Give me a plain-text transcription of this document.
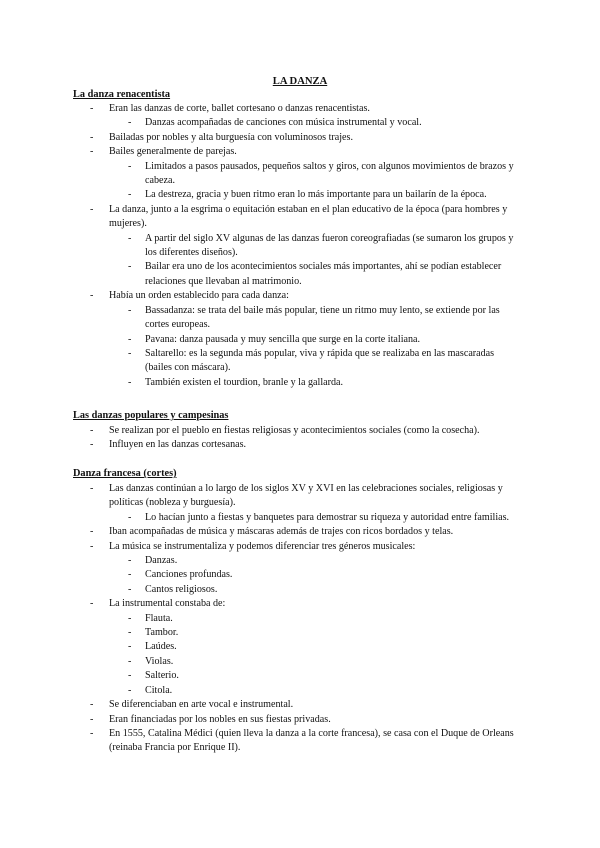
LA DANZA
La danza renacentista
- Eran las danzas de corte, ballet cortesano o danzas renacentistas.
- Danzas acompañadas de canciones con música instrumental y vocal.
- Bailadas por nobles y alta burguesía con voluminosos trajes.
- Bailes generalmente de parejas.
- Limitados a pasos pausados, pequeños saltos y giros, con algunos movimientos de brazos y cabeza.
- La destreza, gracia y buen ritmo eran lo más importante para un bailarín de la época.
- La danza, junto a la esgrima o equitación estaban en el plan educativo de la época (para hombres y mujeres).
- A partir del siglo XV algunas de las danzas fueron coreografiadas (se sumaron los grupos y los diferentes diseños).
- Bailar era uno de los acontecimientos sociales más importantes, ahí se podían establecer relaciones que llevaban al matrimonio.
- Había un orden establecido para cada danza:
- Bassadanza: se trata del baile más popular, tiene un ritmo muy lento, se extiende por las cortes europeas.
- Pavana: danza pausada y muy sencilla que surge en la corte italiana.
- Saltarello: es la segunda más popular, viva y rápida que se realizaba en las mascaradas (bailes con máscara).
- También existen el tourdion, branle y la gallarda.
Las danzas populares y campesinas
- Se realizan por el pueblo en fiestas religiosas y acontecimientos sociales (como la cosecha).
- Influyen en las danzas cortesanas.
Danza francesa (cortes)
- Las danzas continúan a lo largo de los siglos XV y XVI en las celebraciones sociales, religiosas y políticas (nobleza y burguesía).
- Lo hacían junto a fiestas y banquetes para demostrar su riqueza y autoridad entre familias.
- Iban acompañadas de música y máscaras además de trajes con ricos bordados y telas.
- La música se instrumentaliza y podemos diferenciar tres géneros musicales:
- Danzas.
- Canciones profundas.
- Cantos religiosos.
- La instrumental constaba de:
- Flauta.
- Tambor.
- Laúdes.
- Violas.
- Salterio.
- Citola.
- Se diferenciaban en arte vocal e instrumental.
- Eran financiadas por los nobles en sus fiestas privadas.
- En 1555, Catalina Médici (quien lleva la danza a la corte francesa), se casa con el Duque de Orleans (reinaba Francia por Enrique II).
